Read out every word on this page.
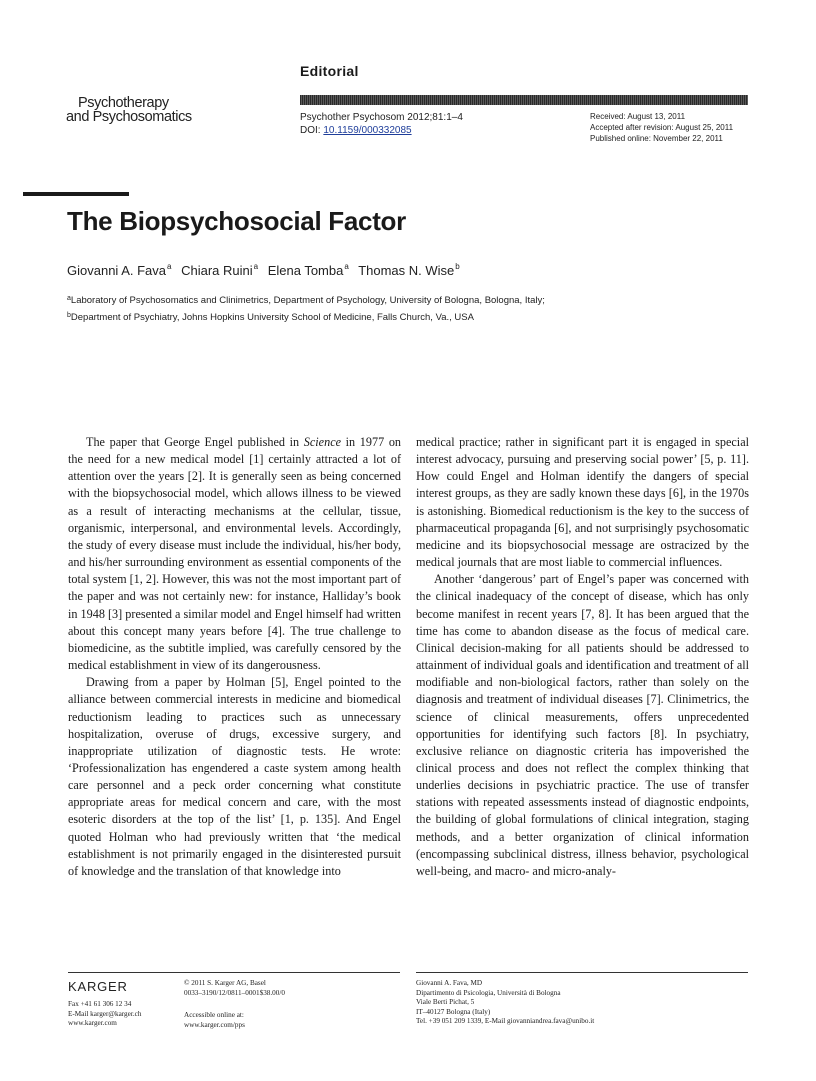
Editorial
Psychotherapy
and Psychosomatics	Psychother Psychosom 2012;81:1–4
DOI: 10.1159/000332085
Received: August 13, 2011
Accepted after revision: August 25, 2011
Published online: November 22, 2011
The Biopsychosocial Factor
Giovanni A. Fava$^a$ Chiara Ruini$^a$ Elena Tomba$^a$ Thomas N. Wise$^b$
$^a$Laboratory of Psychosomatics and Clinimetrics, Department of Psychology, University of Bologna, Bologna, Italy;
$^b$Department of Psychiatry, Johns Hopkins University School of Medicine, Falls Church, Va., USA

The paper that George Engel published in Science in 1977 on the need for a new medical model [1] certainly attracted a lot of attention over the years [2]. It is generally seen as being concerned with the biopsychosocial model, which allows illness to be viewed as a result of interacting mechanisms at the cellular, tissue, organismic, interpersonal, and environmental levels. Accordingly, the study of every disease must include the individual, his/her body, and his/her surrounding environment as essential components of the total system [1, 2]. However, this was not the most important part of the paper and was not certainly new: for instance, Halliday’s book in 1948 [3] presented a similar model and Engel himself had written about this concept many years before [4]. The true challenge to biomedicine, as the subtitle implied, was carefully censored by the medical establishment in view of its dangerousness.

Drawing from a paper by Holman [5], Engel pointed to the alliance between commercial interests in medicine and biomedical reductionism leading to practices such as unnecessary hospitalization, overuse of drugs, excessive surgery, and inappropriate utilization of diagnostic tests. He wrote: ‘Professionalization has engendered a caste system among health care personnel and a peck order concerning what constitute appropriate areas for medical concern and care, with the most esoteric disorders at the top of the list’ [1, p. 135]. And Engel quoted Holman who had previously written that ‘the medical establishment is not primarily engaged in the disinterested pursuit of knowledge and the translation of that knowledge into

medical practice; rather in significant part it is engaged in special interest advocacy, pursuing and preserving social power’ [5, p. 11]. How could Engel and Holman identify the dangers of special interest groups, as they are sadly known these days [6], in the 1970s is astonishing. Biomedical reductionism is the key to the success of pharmaceutical propaganda [6], and not surprisingly psychosomatic medicine and its biopsychosocial message are ostracized by the medical journals that are most liable to commercial influences.

Another ‘dangerous’ part of Engel’s paper was concerned with the clinical inadequacy of the concept of disease, which has only become manifest in recent years [7, 8]. It has been argued that the time has come to abandon disease as the focus of medical care. Clinical decision-making for all patients should be addressed to attainment of individual goals and identification and treatment of all modifiable and non-biological factors, rather than solely on the diagnosis and treatment of individual diseases [7]. Clinimetrics, the science of clinical measurements, offers unprecedented opportunities for identifying such factors [8]. In psychiatry, exclusive reliance on diagnostic criteria has impoverished the clinical process and does not reflect the complex thinking that underlies decisions in psychiatric practice. The use of transfer stations with repeated assessments instead of diagnostic endpoints, the building of global formulations of clinical integration, staging methods, and a better organization of clinical information (encompassing subclinical distress, illness behavior, psychological well-being, and macro- and micro-analy-

KARGER
Fax +41 61 306 12 34
E-Mail karger@karger.ch
www.karger.com
© 2011 S. Karger AG, Basel
0033–3190/12/0811–0001$38.00/0
Accessible online at:
www.karger.com/pps
Giovanni A. Fava, MD
Dipartimento di Psicologia, Università di Bologna
Viale Berti Pichat, 5
IT–40127 Bologna (Italy)
Tel. +39 051 209 1339, E-Mail giovanniandrea.fava@unibo.it
